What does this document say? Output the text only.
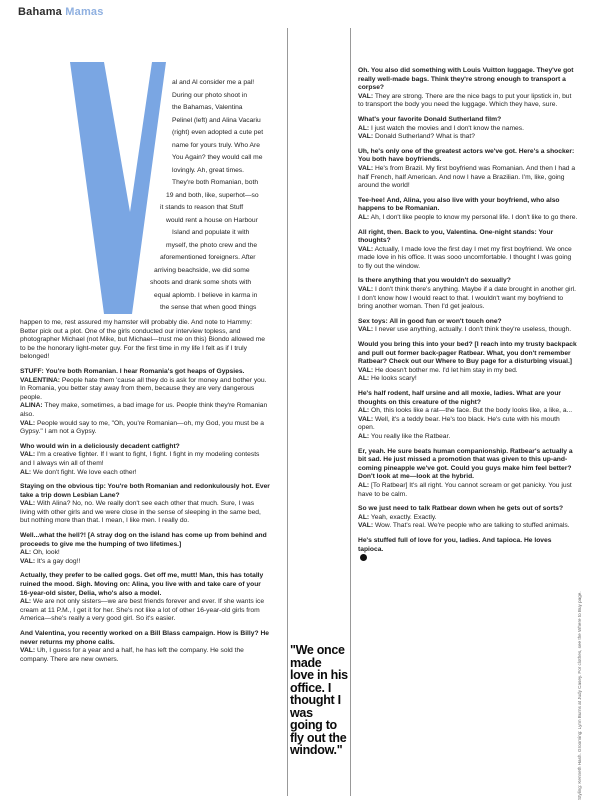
Bahama Mamas
al and Al consider me a pal!
During our photo shoot in
the Bahamas, Valentina
Pelinel (left) and Alina Vacariu
(right) even adopted a cute pet
name for yours truly. Who Are
You Again? they would call me
lovingly. Ah, great times.
They're both Romanian, both
19 and both, like, superhot—so
it stands to reason that Stuff
would rent a house on Harbour
Island and populate it with
myself, the photo crew and the
aforementioned foreigners. After
arriving beachside, we did some
shoots and drank some shots with
equal aplomb. I believe in karma in
the sense that when good things

happen to me, rest assured my hamster will probably die. And note to Hammy: Better pick out a plot. One of the girls conducted our interview topless, and photographer Michael (not Mike, but Michael—trust me on this) Biondo allowed me to be the honorary light-meter guy. For the first time in my life I felt as if I truly belonged!

STUFF: You're both Romanian. I hear Romania's got heaps of Gypsies.
VALENTINA: People hate them 'cause all they do is ask for money and bother you. In Romania, you better stay away from them, because they are very dangerous people.
ALINA: They make, sometimes, a bad image for us. People think they're Romanian also.
VAL: People would say to me, "Oh, you're Romanian—oh, my God, you must be a Gypsy." I am not a Gypsy.

Who would win in a deliciously decadent catfight?
VAL: I'm a creative fighter. If I want to fight, I fight. I fight in my modeling contests and I always win all of them!
AL: We don't fight. We love each other!

Staying on the obvious tip: You're both Romanian and redonkulously hot. Ever take a trip down Lesbian Lane?
VAL: With Alina? No, no. We really don't see each other that much. Sure, I was living with other girls and we were close in the sense of sleeping in the same bed, but nothing more than that. I mean, I like men. I really do.

Well...what the hell?! [A stray dog on the island has come up from behind and proceeds to give me the humping of two lifetimes.]
AL: Oh, look!
VAL: It's a gay dog!!

Actually, they prefer to be called gogs. Get off me, mutt! Man, this has totally ruined the mood. Sigh. Moving on: Alina, you live with and take care of your 16-year-old sister, Delia, who's also a model.
AL: We are not only sisters—we are best friends forever and ever. If she wants ice cream at 11 P.M., I get it for her. She's not like a lot of other 16-year-old girls from America—she's really a very good girl. So it's easier.

And Valentina, you recently worked on a Bill Blass campaign. How is Billy? He never returns my phone calls.
VAL: Uh, I guess for a year and a half, he has left the company. He sold the company. There are new owners.

Oh. You also did something with Louis Vuitton luggage. They've got really well-made bags. Think they're strong enough to transport a corpse?
VAL: They are strong. There are the nice bags to put your lipstick in, but to transport the body you need the luggage. Which they have, sure.

What's your favorite Donald Sutherland film?
AL: I just watch the movies and I don't know the names.
VAL: Donald Sutherland? What is that?

Uh, he's only one of the greatest actors we've got. Here's a shocker: You both have boyfriends.
VAL: He's from Brazil. My first boyfriend was Romanian. And then I had a half French, half American. And now I have a Brazilian. I'm, like, going around the world!

Tee-hee! And, Alina, you also live with your boyfriend, who also happens to be Romanian.
AL: Ah, I don't like people to know my personal life. I don't like to go there.

All right, then. Back to you, Valentina. One-night stands: Your thoughts?
VAL: Actually, I made love the first day I met my first boyfriend. We once made love in his office. It was sooo uncomfortable. I thought I was going to fly out the window.

Is there anything that you wouldn't do sexually?
VAL: I don't think there's anything. Maybe if a date brought in another girl. I don't know how I would react to that. I wouldn't want my boyfriend to bring another woman. Then I'd get jealous.

Sex toys: All in good fun or won't touch one?
VAL: I never use anything, actually. I don't think they're useless, though.

Would you bring this into your bed? [I reach into my trusty backpack and pull out former back-pager Ratbear. What, you don't remember Ratbear? Check out our Where to Buy page for a disturbing visual.]
VAL: He doesn't bother me. I'd let him stay in my bed.
AL: He looks scary!

He's half rodent, half ursine and all moxie, ladies. What are your thoughts on this creature of the night?
AL: Oh, this looks like a rat—the face. But the body looks like, a like, a...
VAL: Well, it's a teddy bear. He's too black. He's cute with his mouth open.
AL: You really like the Ratbear.

Er, yeah. He sure beats human companionship. Ratbear's actually a bit sad. He just missed a promotion that was given to this up-and-coming pineapple we've got. Could you guys make him feel better? Don't look at me—look at the hybrid.
AL: [To Ratbear] It's all right. You cannot scream or get panicky. You just have to be calm.

So we just need to talk Ratbear down when he gets out of sorts?
AL: Yeah, exactly. Exactly.
VAL: Wow. That's real. We're people who are talking to stuffed animals.

He's stuffed full of love for you, ladies. And tapioca. He loves tapioca.

"We once made love in his office. I thought I was going to fly out the window."	Styling: Kenneth Hash. Grooming: Lynn Burns at Judy Casey. For clothes, see the Where to Buy page.
